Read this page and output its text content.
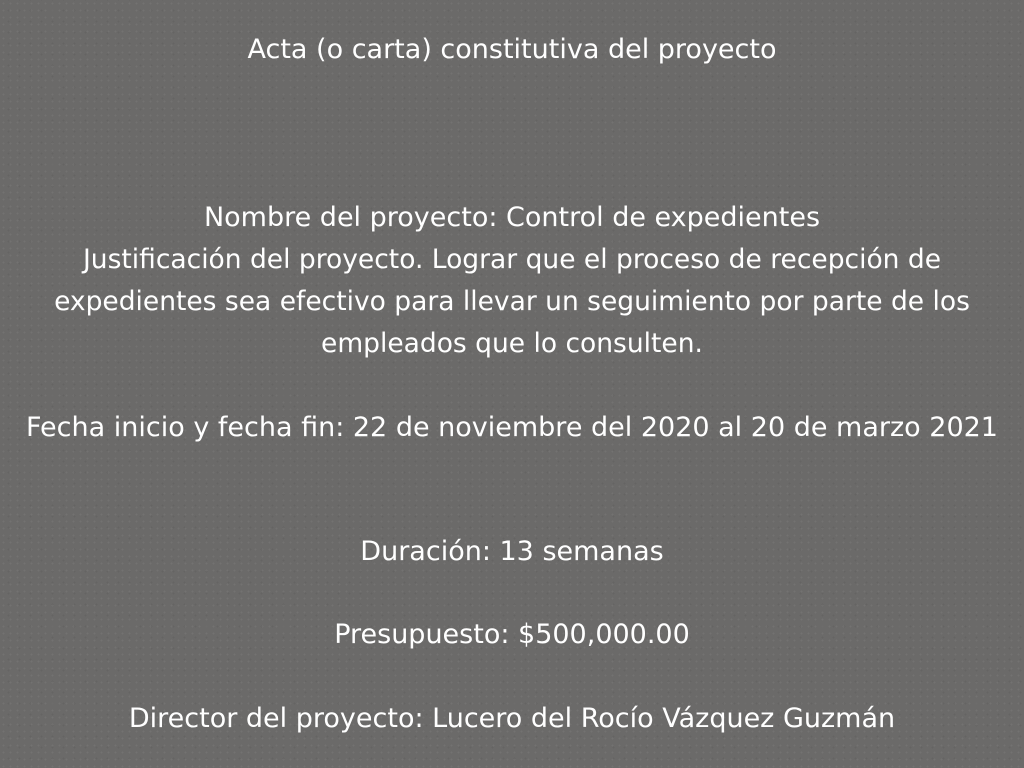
Acta (o carta) constitutiva del proyecto
Nombre del proyecto: Control de expedientes
Justificación del proyecto. Lograr que el proceso de recepción de expedientes sea efectivo para llevar un seguimiento por parte de los empleados que lo consulten.
Fecha inicio y fecha fin: 22 de noviembre del 2020 al 20 de marzo 2021
Duración: 13 semanas
Presupuesto: $500,000.00
Director del proyecto: Lucero del Rocío Vázquez Guzmán
